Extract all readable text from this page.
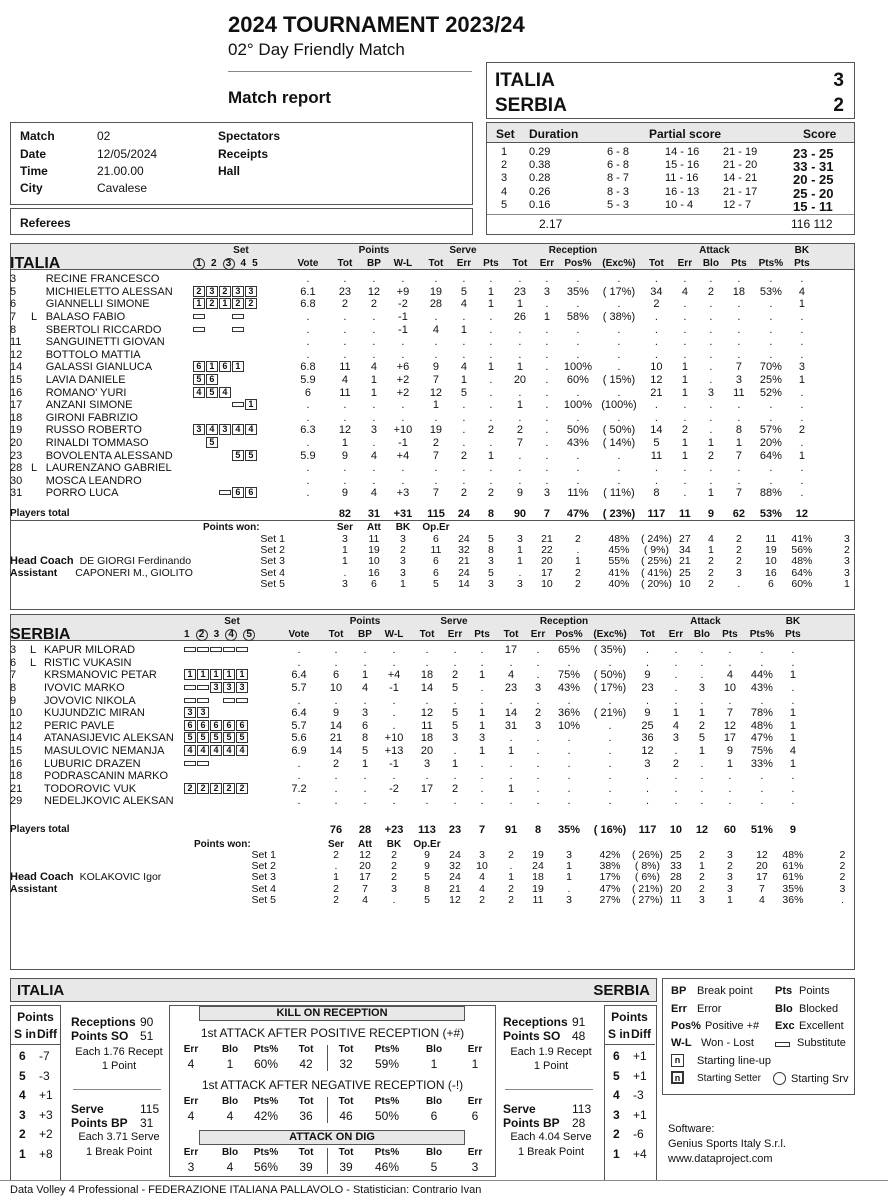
2024 TOURNAMENT 2023/24
02° Day Friendly Match
Match report
ITALIA	3
SERBIA	2
Match	02
Date	12/05/2024
Time	21.00.00
City	Cavalese
Spectators
Receipts
Hall
Referees
Set Duration	Partial score	Score
1 0.29	6 - 8	14 - 16 21 - 19	23 - 25
2 0.38	6 - 8	15 - 16 21 - 20	33 - 31
3 0.28	8 - 7	11 - 16 14 - 21	20 - 25
4 0.26	8 - 3	16 - 13 21 - 17	25 - 20
5 0.16	5 - 3	10 - 4	12 - 7	15 - 11
2.17	116 112
			Set		Points			Serve			Reception				Attack					BK	
ITALIA			1 2 3 4 5	Vote	Tot	BP	W-L	Tot	Err	Pts	Tot	Err	Pos%	(Exc%)	Tot	Err	Blo	Pts	Pts%	Pts	

3		RECINE FRANCESCO		.	.	.	.	.	.	.	.	.	.	.	.	.	.	.	.	.	
5		MICHIELETTO ALESSAN	2 3 2 3 3	6.1	23	12	+9	19	5	1	23	3	35%	( 17%)	34	4	2	18	53%	4	
6		GIANNELLI SIMONE	1 2 1 2 2	6.8	2	2	-2	28	4	1	1	.	.	.	2	.	.	.	.	1	
7	L	BALASO FABIO		.	.	.	-1	.	.	.	26	1	58%	( 38%)	.	.	.	.	.	.	
8		SBERTOLI RICCARDO		.	.	.	-1	4	1	.	.	.	.	.	.	.	.	.	.	.	
11		SANGUINETTI GIOVAN		.	.	.	.	.	.	.	.	.	.	.	.	.	.	.	.	.	
12		BOTTOLO MATTIA		.	.	.	.	.	.	.	.	.	.	.	.	.	.	.	.	.	
14		GALASSI GIANLUCA	6 1 6 1	6.8	11	4	+6	9	4	1	1	.	100%	.	10	1	.	7	70%	3	
15		LAVIA DANIELE	5 6	5.9	4	1	+2	7	1	.	20	.	60%	( 15%)	12	1	.	3	25%	1	
16		ROMANO' YURI	4 5 4	6	11	1	+2	12	5	.	.	.	.	.	21	1	3	11	52%	.	
17		ANZANI SIMONE	1	.	.	.	.	1	.	.	1	.	100%	(100%)	.	.	.	.	.	.	
18		GIRONI FABRIZIO		.	.	.	.	.	.	.	.	.	.	.	.	.	.	.	.	.	
19		RUSSO ROBERTO	3 4 3 4 4	6.3	12	3	+10	19	.	2	2	.	50%	( 50%)	14	2	.	8	57%	2	
20		RINALDI TOMMASO	5	.	1	.	-1	2	.	.	7	.	43%	( 14%)	5	1	1	1	20%	.	
23		BOVOLENTA ALESSAND	5 5	5.9	9	4	+4	7	2	1	.	.	.	.	11	1	2	7	64%	1	
28	L	LAURENZANO GABRIEL		.	.	.	.	.	.	.	.	.	.	.	.	.	.	.	.	.	
30		MOSCA LEANDRO		.	.	.	.	.	.	.	.	.	.	.	.	.	.	.	.	.	
31		PORRO LUCA	6 6	.	9	4	+3	7	2	2	9	3	11%	( 11%)	8	.	1	7	88%	.	

Players total					82	31	+31	115	24	8	90	7	47%	( 23%)	117	11	9	62	53%	12	

			Points won:		Ser	Att	BK	Op.Er													
			Set 1		3	11	3	6	24	5	3	21	2	48%	( 24%)	27	4	2	11	41%	3
			Set 2		1	19	2	11	32	8	1	22	.	45%	( 9%)	34	1	2	19	56%	2
Head Coach DE GIORGI Ferdinando			Set 3		1	10	3	6	21	3	1	20	1	55%	( 25%)	21	2	2	10	48%	3
Assistant CAPONERI M., GIOLITO			Set 4		.	16	3	6	24	5	.	17	2	41%	( 41%)	25	2	3	16	64%	3
			Set 5		3	6	1	5	14	3	3	10	2	40%	( 20%)	10	2	.	6	60%	1
			Set		Points			Serve			Reception				Attack					BK	
SERBIA			1 2 3 4 5	Vote	Tot	BP	W-L	Tot	Err	Pts	Tot	Err	Pos%	(Exc%)	Tot	Err	Blo	Pts	Pts%	Pts	

3	L	KAPUR MILORAD		.	.	.	.	.	.	.	17	.	65%	( 35%)	.	.	.	.	.	.	
6	L	RISTIC VUKASIN		.	.	.	.	.	.	.	.	.	.	.	.	.	.	.	.	.	
7		KRSMANOVIC PETAR	1 1 1 1 1	6.4	6	1	+4	18	2	1	4	.	75%	( 50%)	9	.	.	4	44%	1	
8		IVOVIC MARKO	3 3 3	5.7	10	4	-1	14	5	.	23	3	43%	( 17%)	23	.	3	10	43%	.	
9		JOVOVIC NIKOLA		.	.	.	.	.	.	.	.	.	.	.	.	.	.	.	.	.	
10		KUJUNDZIC MIRAN	3 3	6.4	9	3	.	12	5	1	14	2	36%	( 21%)	9	1	1	7	78%	1	
12		PERIC PAVLE	6 6 6 6 6	5.7	14	6	.	11	5	1	31	3	10%	.	25	4	2	12	48%	1	
14		ATANASIJEVIC ALEKSAN	5 5 5 5 5	5.6	21	8	+10	18	3	3	.	.	.	.	36	3	5	17	47%	1	
15		MASULOVIC NEMANJA	4 4 4 4 4	6.9	14	5	+13	20	.	1	1	.	.	.	12	.	1	9	75%	4	
16		LUBURIC DRAZEN		.	2	1	-1	3	1	.	.	.	.	.	3	2	.	1	33%	1	
18		PODRASCANIN MARKO		.	.	.	.	.	.	.	.	.	.	.	.	.	.	.	.	.	
21		TODOROVIC VUK	2 2 2 2 2	7.2	.	.	-2	17	2	.	1	.	.	.	.	.	.	.	.	.	
29		NEDELJKOVIC ALEKSAN		.	.	.	.	.	.	.	.	.	.	.	.	.	.	.	.	.	

Players total					76	28	+23	113	23	7	91	8	35%	( 16%)	117	10	12	60	51%	9	

			Points won:		Ser	Att	BK	Op.Er													
			Set 1		2	12	2	9	24	3	2	19	3	42%	( 26%)	25	2	3	12	48%	2
			Set 2		.	20	2	9	32	10	.	24	1	38%	( 8%)	33	1	2	20	61%	2
Head Coach KOLAKOVIC Igor			Set 3		1	17	2	5	24	4	1	18	1	17%	( 6%)	28	2	3	17	61%	2
Assistant			Set 4		2	7	3	8	21	4	2	19	.	47%	( 21%)	20	2	3	7	35%	3
			Set 5		2	4	.	5	12	2	2	11	3	27%	( 27%)	11	3	1	4	36%	.
ITALIA	SERBIA
Points
S in Diff
6 -7
5 -3
4 +1
3 +3
2 +2
1 +8
Points
S in Diff
6 +1
5 +1
4 -3
3 +1
2 -6
1 +4
Receptions 90
Points SO 51
Each 1.76 Recept
1 Point
Serve	115
Points BP 31
Each 3.71 Serve
1 Break Point
Receptions 91
Points SO 48
Each 1.9 Recept
1 Point
Serve	113
Points BP 28
Each 4.04 Serve
1 Break Point
KILL ON RECEPTION
1st ATTACK AFTER POSITIVE RECEPTION (+#)
1st ATTACK AFTER NEGATIVE RECEPTION (-!)
ATTACK ON DIG
Err	Blo	Pts%	Tot	Tot	Pts%	Blo	Err
4	1	60%	42	32	59%	1	1
Err	Blo	Pts%	Tot	Tot	Pts%	Blo	Err
4	4	42%	36	46	50%	6	6
Err	Blo	Pts%	Tot	Tot	Pts%	Blo	Err
3	4	56%	39	39	46%	5	3
BP Break point Pts Points
Err Error	Blo Blocked
Pos% Positive +# Exc Excellent
W-L Won - Lost	Substitute
n	Starting line-up
n	Starting Setter	Starting Srv
Software:
Genius Sports Italy S.r.l.
www.dataproject.com
Data Volley 4 Professional - FEDERAZIONE ITALIANA PALLAVOLO - Statistician: Contrario Ivan
